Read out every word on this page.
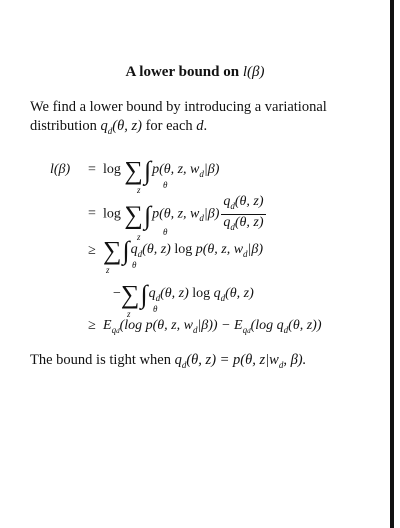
A lower bound on l(β)
We find a lower bound by introducing a variational distribution $q_d(\theta$, z) for each d.
l(β) = log ∑∫p(θ, z, $w_d|\beta$)
z θ
= log ∑∫p(θ, z, $w_d|\beta) \frac{q_d(\theta, z)}{q_d(\theta, z)}$
z θ
≥ $\sum\int q_d(\theta$, z) log p(θ, z, $w_d|\beta$)
z θ
$-\sum\int q_d(\theta$, z) $\log q_d(\theta$, z)
z θ
≥ $E_{qd}(\log$ p(θ, z, $w_d|\beta)) - E_{qd}(\log$ $q_d(\theta$, z))
The bound is tight when $q_d(\theta$, z) = p(θ, $z|w_d$, β).
